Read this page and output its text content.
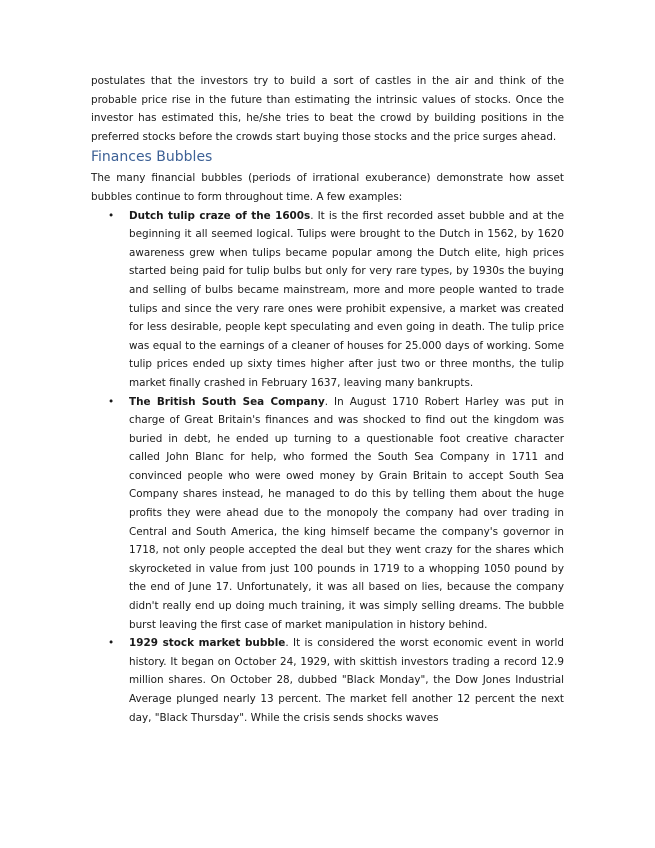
postulates that the investors try to build a sort of castles in the air and think of the probable price rise in the future than estimating the intrinsic values of stocks. Once the investor has estimated this, he/she tries to beat the crowd by building positions in the preferred stocks before the crowds start buying those stocks and the price surges ahead.

Finances Bubbles

The many financial bubbles (periods of irrational exuberance) demonstrate how asset bubbles continue to form throughout time. A few examples:

• Dutch tulip craze of the 1600s. It is the first recorded asset bubble and at the beginning it all seemed logical. Tulips were brought to the Dutch in 1562, by 1620 awareness grew when tulips became popular among the Dutch elite, high prices started being paid for tulip bulbs but only for very rare types, by 1930s the buying and selling of bulbs became mainstream, more and more people wanted to trade tulips and since the very rare ones were prohibit expensive, a market was created for less desirable, people kept speculating and even going in death. The tulip price was equal to the earnings of a cleaner of houses for 25.000 days of working. Some tulip prices ended up sixty times higher after just two or three months, the tulip market finally crashed in February 1637, leaving many bankrupts.
• The British South Sea Company. In August 1710 Robert Harley was put in charge of Great Britain's finances and was shocked to find out the kingdom was buried in debt, he ended up turning to a questionable foot creative character called John Blanc for help, who formed the South Sea Company in 1711 and convinced people who were owed money by Grain Britain to accept South Sea Company shares instead, he managed to do this by telling them about the huge profits they were ahead due to the monopoly the company had over trading in Central and South America, the king himself became the company's governor in 1718, not only people accepted the deal but they went crazy for the shares which skyrocketed in value from just 100 pounds in 1719 to a whopping 1050 pound by the end of June 17. Unfortunately, it was all based on lies, because the company didn't really end up doing much training, it was simply selling dreams. The bubble burst leaving the first case of market manipulation in history behind.
• 1929 stock market bubble. It is considered the worst economic event in world history. It began on October 24, 1929, with skittish investors trading a record 12.9 million shares. On October 28, dubbed "Black Monday", the Dow Jones Industrial Average plunged nearly 13 percent. The market fell another 12 percent the next day, "Black Thursday". While the crisis sends shocks waves
